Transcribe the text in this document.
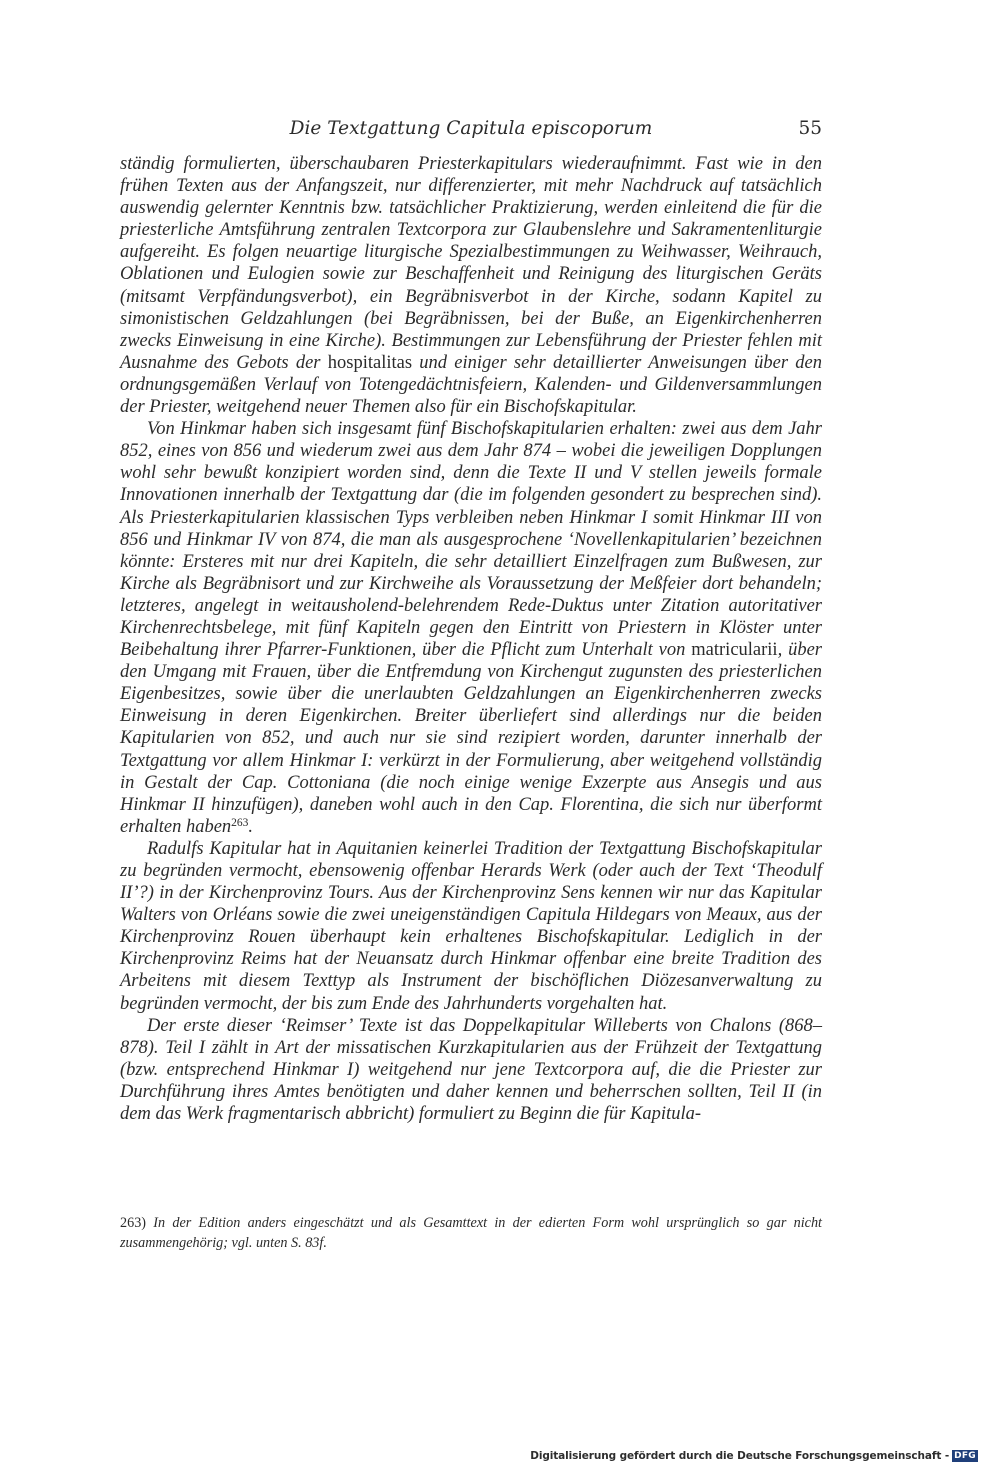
Die Textgattung Capitula episcoporum	55

ständig formulierten, überschaubaren Priesterkapitulars wiederaufnimmt. Fast wie in den frühen Texten aus der Anfangszeit, nur differenzierter, mit mehr Nachdruck auf tatsächlich auswendig gelernter Kenntnis bzw. tatsächlicher Praktizierung, werden einleitend die für die priesterliche Amtsführung zentralen Textcorpora zur Glaubenslehre und Sakramentenliturgie aufgereiht. Es folgen neuartige liturgische Spezialbestimmungen zu Weihwasser, Weihrauch, Oblationen und Eulogien sowie zur Beschaffenheit und Reinigung des liturgischen Geräts (mitsamt Verpfändungsverbot), ein Begräbnisverbot in der Kirche, sodann Kapitel zu simonistischen Geldzahlungen (bei Begräbnissen, bei der Buße, an Eigenkirchenherren zwecks Einweisung in eine Kirche). Bestimmungen zur Lebensführung der Priester fehlen mit Ausnahme des Gebots der hospitalitas und einiger sehr detaillierter Anweisungen über den ordnungsgemäßen Verlauf von Totengedächtnisfeiern, Kalenden- und Gildenversammlungen der Priester, weitgehend neuer Themen also für ein Bischofskapitular.

Von Hinkmar haben sich insgesamt fünf Bischofskapitularien erhalten: zwei aus dem Jahr 852, eines von 856 und wiederum zwei aus dem Jahr 874 – wobei die jeweiligen Dopplungen wohl sehr bewußt konzipiert worden sind, denn die Texte II und V stellen jeweils formale Innovationen innerhalb der Textgattung dar (die im folgenden gesondert zu besprechen sind). Als Priesterkapitularien klassischen Typs verbleiben neben Hinkmar I somit Hinkmar III von 856 und Hinkmar IV von 874, die man als ausgesprochene ‘Novellenkapitularien’ bezeichnen könnte: Ersteres mit nur drei Kapiteln, die sehr detailliert Einzelfragen zum Bußwesen, zur Kirche als Begräbnisort und zur Kirchweihe als Voraussetzung der Meßfeier dort behandeln; letzteres, angelegt in weitausholend-belehrendem Rede-Duktus unter Zitation autoritativer Kirchenrechtsbelege, mit fünf Kapiteln gegen den Eintritt von Priestern in Klöster unter Beibehaltung ihrer Pfarrer-Funktionen, über die Pflicht zum Unterhalt von matricularii, über den Umgang mit Frauen, über die Entfremdung von Kirchengut zugunsten des priesterlichen Eigenbesitzes, sowie über die unerlaubten Geldzahlungen an Eigenkirchenherren zwecks Einweisung in deren Eigenkirchen. Breiter überliefert sind allerdings nur die beiden Kapitularien von 852, und auch nur sie sind rezipiert worden, darunter innerhalb der Textgattung vor allem Hinkmar I: verkürzt in der Formulierung, aber weitgehend vollständig in Gestalt der Cap. Cottoniana (die noch einige wenige Exzerpte aus Ansegis und aus Hinkmar II hinzufügen), daneben wohl auch in den Cap. Florentina, die sich nur überformt erhalten haben$^{263}$.

Radulfs Kapitular hat in Aquitanien keinerlei Tradition der Textgattung Bischofskapitular zu begründen vermocht, ebensowenig offenbar Herards Werk (oder auch der Text ‘Theodulf II’?) in der Kirchenprovinz Tours. Aus der Kirchenprovinz Sens kennen wir nur das Kapitular Walters von Orléans sowie die zwei uneigenständigen Capitula Hildegars von Meaux, aus der Kirchenprovinz Rouen überhaupt kein erhaltenes Bischofskapitular. Lediglich in der Kirchenprovinz Reims hat der Neuansatz durch Hinkmar offenbar eine breite Tradition des Arbeitens mit diesem Texttyp als Instrument der bischöflichen Diözesanverwaltung zu begründen vermocht, der bis zum Ende des Jahrhunderts vorgehalten hat.

Der erste dieser ‘Reimser’ Texte ist das Doppelkapitular Willeberts von Chalons (868–878). Teil I zählt in Art der missatischen Kurzkapitularien aus der Frühzeit der Textgattung (bzw. entsprechend Hinkmar I) weitgehend nur jene Textcorpora auf, die die Priester zur Durchführung ihres Amtes benötigten und daher kennen und beherrschen sollten, Teil II (in dem das Werk fragmentarisch abbricht) formuliert zu Beginn die für Kapitula-

263) In der Edition anders eingeschätzt und als Gesamttext in der edierten Form wohl ursprünglich so gar nicht zusammengehörig; vgl. unten S. 83f.
Digitalisierung gefördert durch die Deutsche Forschungsgemeinschaft - DFG
